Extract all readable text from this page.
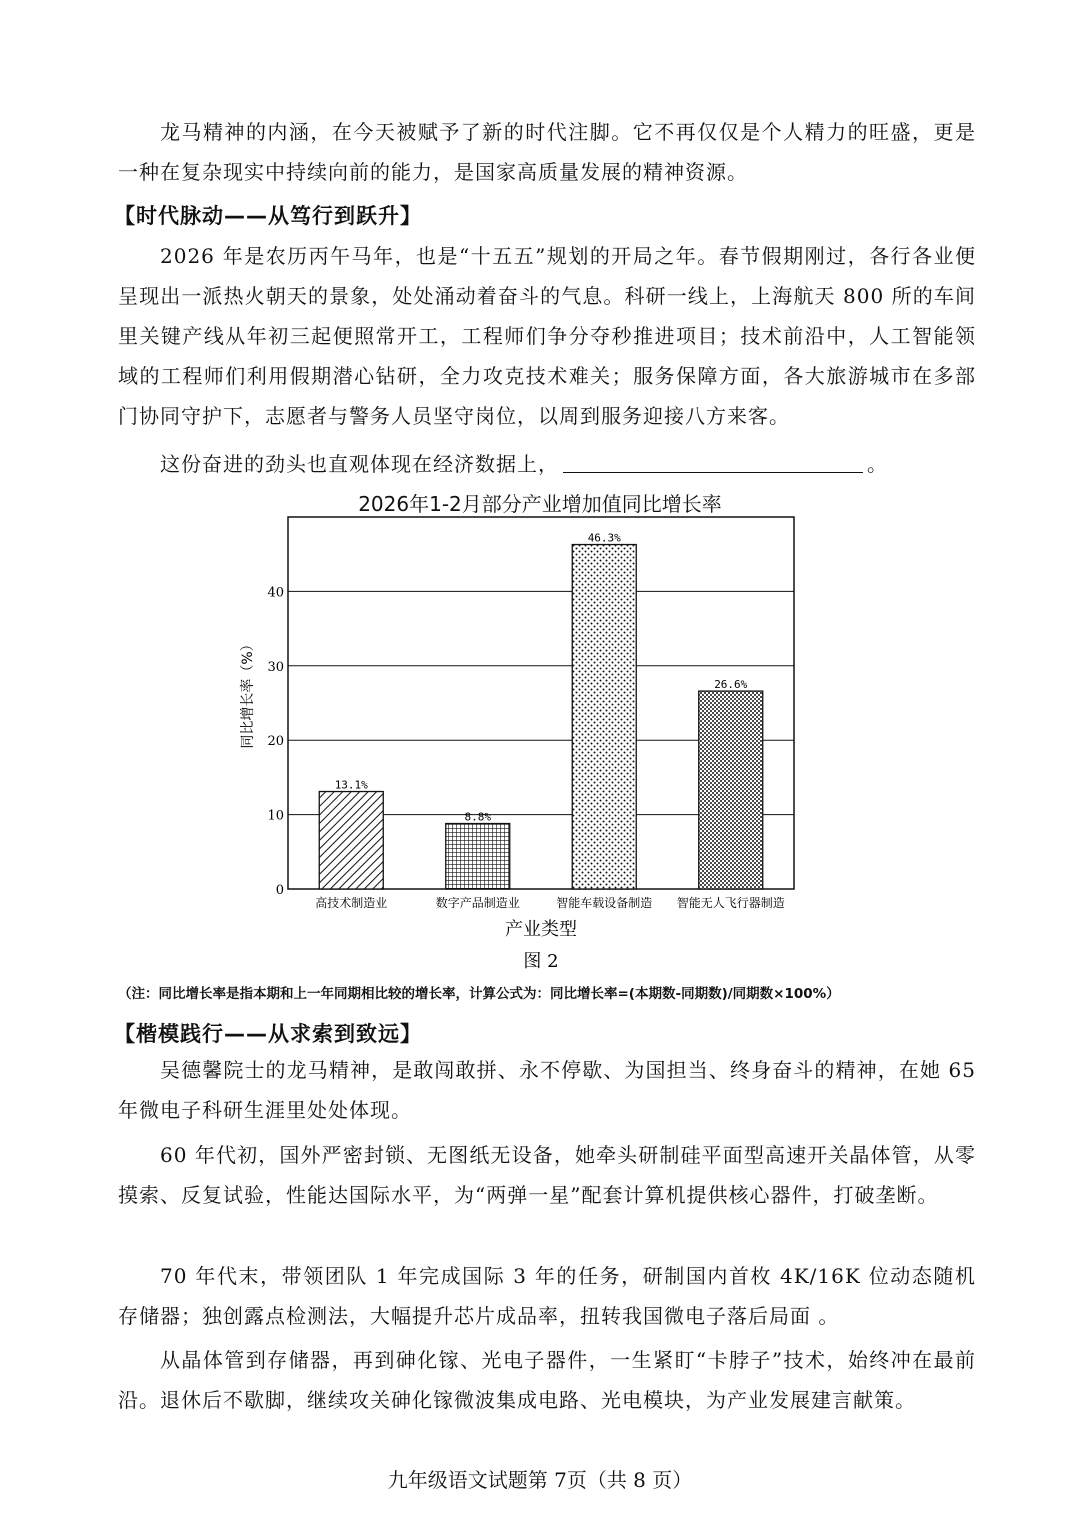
龙马精神的内涵，在今天被赋予了新的时代注脚。它不再仅仅是个人精力的旺盛，更是一种在复杂现实中持续向前的能力，是国家高质量发展的精神资源。

【时代脉动——从笃行到跃升】

2026 年是农历丙午马年，也是“十五五”规划的开局之年。春节假期刚过，各行各业便呈现出一派热火朝天的景象，处处涌动着奋斗的气息。科研一线上，上海航天 800 所的车间里关键产线从年初三起便照常开工，工程师们争分夺秒推进项目；技术前沿中，人工智能领域的工程师们利用假期潜心钻研，全力攻克技术难关；服务保障方面，各大旅游城市在多部门协同守护下，志愿者与警务人员坚守岗位，以周到服务迎接八方来客。

这份奋进的劲头也直观体现在经济数据上，	。

2026年1-2月部分产业增加值同比增长率
0
10
20
30
40
同比增长率（%）
13.1%
高技术制造业
8.8%
数字产品制造业
46.3%
智能车载设备制造
26.6%
智能无人飞行器制造
产业类型
图 2
（注：同比增长率是指本期和上一年同期相比较的增长率，计算公式为：同比增长率=(本期数-同期数)/同期数×100%）
【楷模践行——从求索到致远】

吴德馨院士的龙马精神，是敢闯敢拼、永不停歇、为国担当、终身奋斗的精神，在她 65 年微电子科研生涯里处处体现。

60 年代初，国外严密封锁、无图纸无设备，她牵头研制硅平面型高速开关晶体管，从零摸索、反复试验，性能达国际水平，为“两弹一星”配套计算机提供核心器件，打破垄断。

70 年代末，带领团队 1 年完成国际 3 年的任务，研制国内首枚 4K/16K 位动态随机存储器；独创露点检测法，大幅提升芯片成品率，扭转我国微电子落后局面 。

从晶体管到存储器，再到砷化镓、光电子器件，一生紧盯“卡脖子”技术，始终冲在最前沿。退休后不歇脚，继续攻关砷化镓微波集成电路、光电模块，为产业发展建言献策。

九年级语文试题第 7页（共 8 页）
